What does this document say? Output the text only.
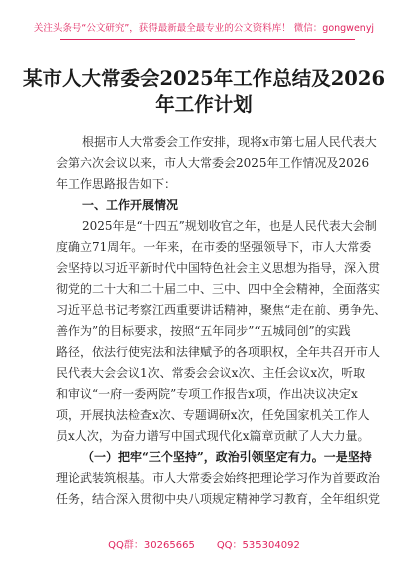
关注头条号“公文研究”，获得最新最全最专业的公文资料库！ 微信：gongwenyj
某市人大常委会2025年工作总结及2026
年工作计划
根据市人大常委会工作安排，现将x市第七届人民代表大
会第六次会议以来，市人大常委会2025年工作情况及2026
年工作思路报告如下：
一、工作开展情况
2025年是“十四五”规划收官之年，也是人民代表大会制
度确立71周年。一年来，在市委的坚强领导下，市人大常委
会坚持以习近平新时代中国特色社会主义思想为指导，深入贯
彻党的二十大和二十届二中、三中、四中全会精神，全面落实
习近平总书记考察江西重要讲话精神，聚焦“走在前、勇争先、
善作为”的目标要求，按照“五年同步”“五城同创”的实践
路径，依法行使宪法和法律赋予的各项职权，全年共召开市人
民代表大会会议1次、常委会会议x次、主任会议x次，听取
和审议“一府一委两院”专项工作报告x项，作出决议决定x
项，开展执法检查x次、专题调研x次，任免国家机关工作人
员x人次，为奋力谱写中国式现代化x篇章贡献了人大力量。
（一）把牢“三个坚持”，政治引领坚定有力。一是坚持
理论武装筑根基。市人大常委会始终把理论学习作为首要政治
任务，结合深入贯彻中央八项规定精神学习教育，全年组织党
QQ群：30265665 QQ：535304092
